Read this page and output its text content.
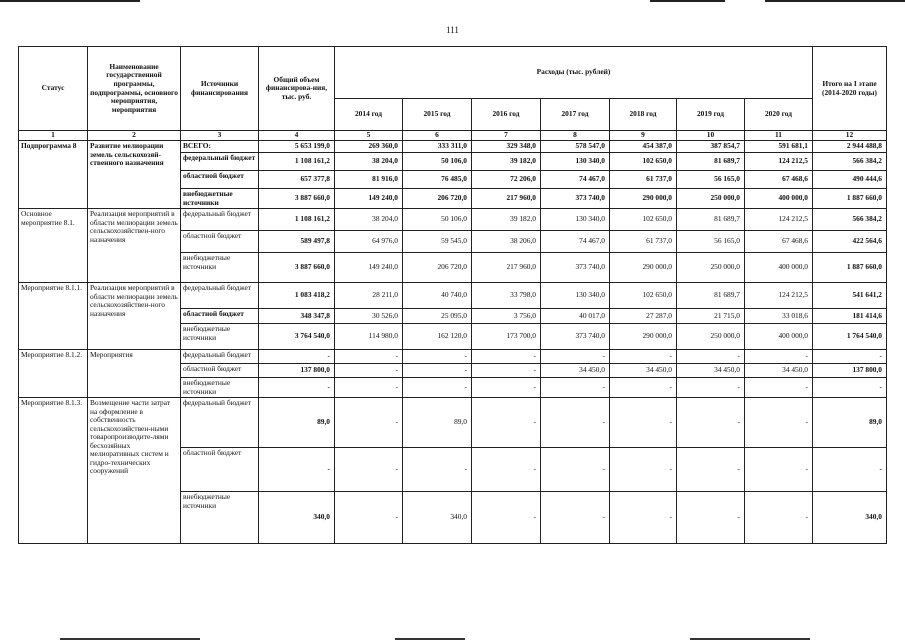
111
Статус	Наименование государственной программы, подпрограммы, основного мероприятия, мероприятия	Источники финансирования	Общий объем финансирова-ния, тыс. руб.	Расходы (тыс. рублей)							Итого на I этапе (2014-2020 годы)
				2014 год	2015 год	2016 год	2017 год	2018 год	2019 год	2020 год	
1	2	3	4	5	6	7	8	9	10	11	12
Подпрограмма 8	Развитие мелиорации земель сельскохозяй-ственного назначения	ВСЕГО:	5 653 199,0	269 360,0	333 311,0	329 348,0	578 547,0	454 387,0	387 854,7	591 681,1	2 944 488,8
		федеральный бюджет	1 108 161,2	38 204,0	50 106,0	39 182,0	130 340,0	102 650,0	81 689,7	124 212,5	566 384,2
		областной бюджет	657 377,8	81 916,0	76 485,0	72 206,0	74 467,0	61 737,0	56 165,0	67 468,6	490 444,6
		внебюджетные источники	3 887 660,0	149 240,0	206 720,0	217 960,0	373 740,0	290 000,0	250 000,0	400 000,0	1 887 660,0
Основное мероприятие 8.1.	Реализация мероприятий в области мелиорации земель сельскохозяйствен-ного назначения	федеральный бюджет	1 108 161,2	38 204,0	50 106,0	39 182,0	130 340,0	102 650,0	81 689,7	124 212,5	566 384,2
		областной бюджет	589 497,8	64 976,0	59 545,0	38 206,0	74 467,0	61 737,0	56 165,0	67 468,6	422 564,6
		внебюджетные источники	3 887 660,0	149 240,0	206 720,0	217 960,0	373 740,0	290 000,0	250 000,0	400 000,0	1 887 660,0
Мероприятие 8.1.1.	Реализация мероприятий в области мелиорации земель сельскохозяйствен-ного назначения	федеральный бюджет	1 083 418,2	28 211,0	40 740,0	33 798,0	130 340,0	102 650,0	81 689,7	124 212,5	541 641,2
		областной бюджет	348 347,8	30 526,0	25 095,0	3 756,0	40 017,0	27 287,0	21 715,0	33 018,6	181 414,6
		внебюджетные источники	3 764 540,0	114 980,0	162 120,0	173 700,0	373 740,0	290 000,0	250 000,0	400 000,0	1 764 540,0
Мероприятие 8.1.2.	Мероприятия	федеральный бюджет	-	-	-	-	-	-	-	-	-
		областной бюджет	137 800,0	-	-	-	34 450,0	34 450,0	34 450,0	34 450,0	137 800,0
		внебюджетные источники	-	-	-	-	-	-	-	-	-
Мероприятие 8.1.3.	Возмещение части затрат на оформление в собственность сельскохозяйствен-ными товаропроизводите-лями бесхозяйных мелиоративных систем и гидро-технических сооружений	федеральный бюджет	89,0	-	89,0	-	-	-	-	-	89,0
		областной бюджет	-	-	-	-	-	-	-	-	-
		внебюджетные источники	340,0	-	340,0	-	-	-	-	-	340,0
